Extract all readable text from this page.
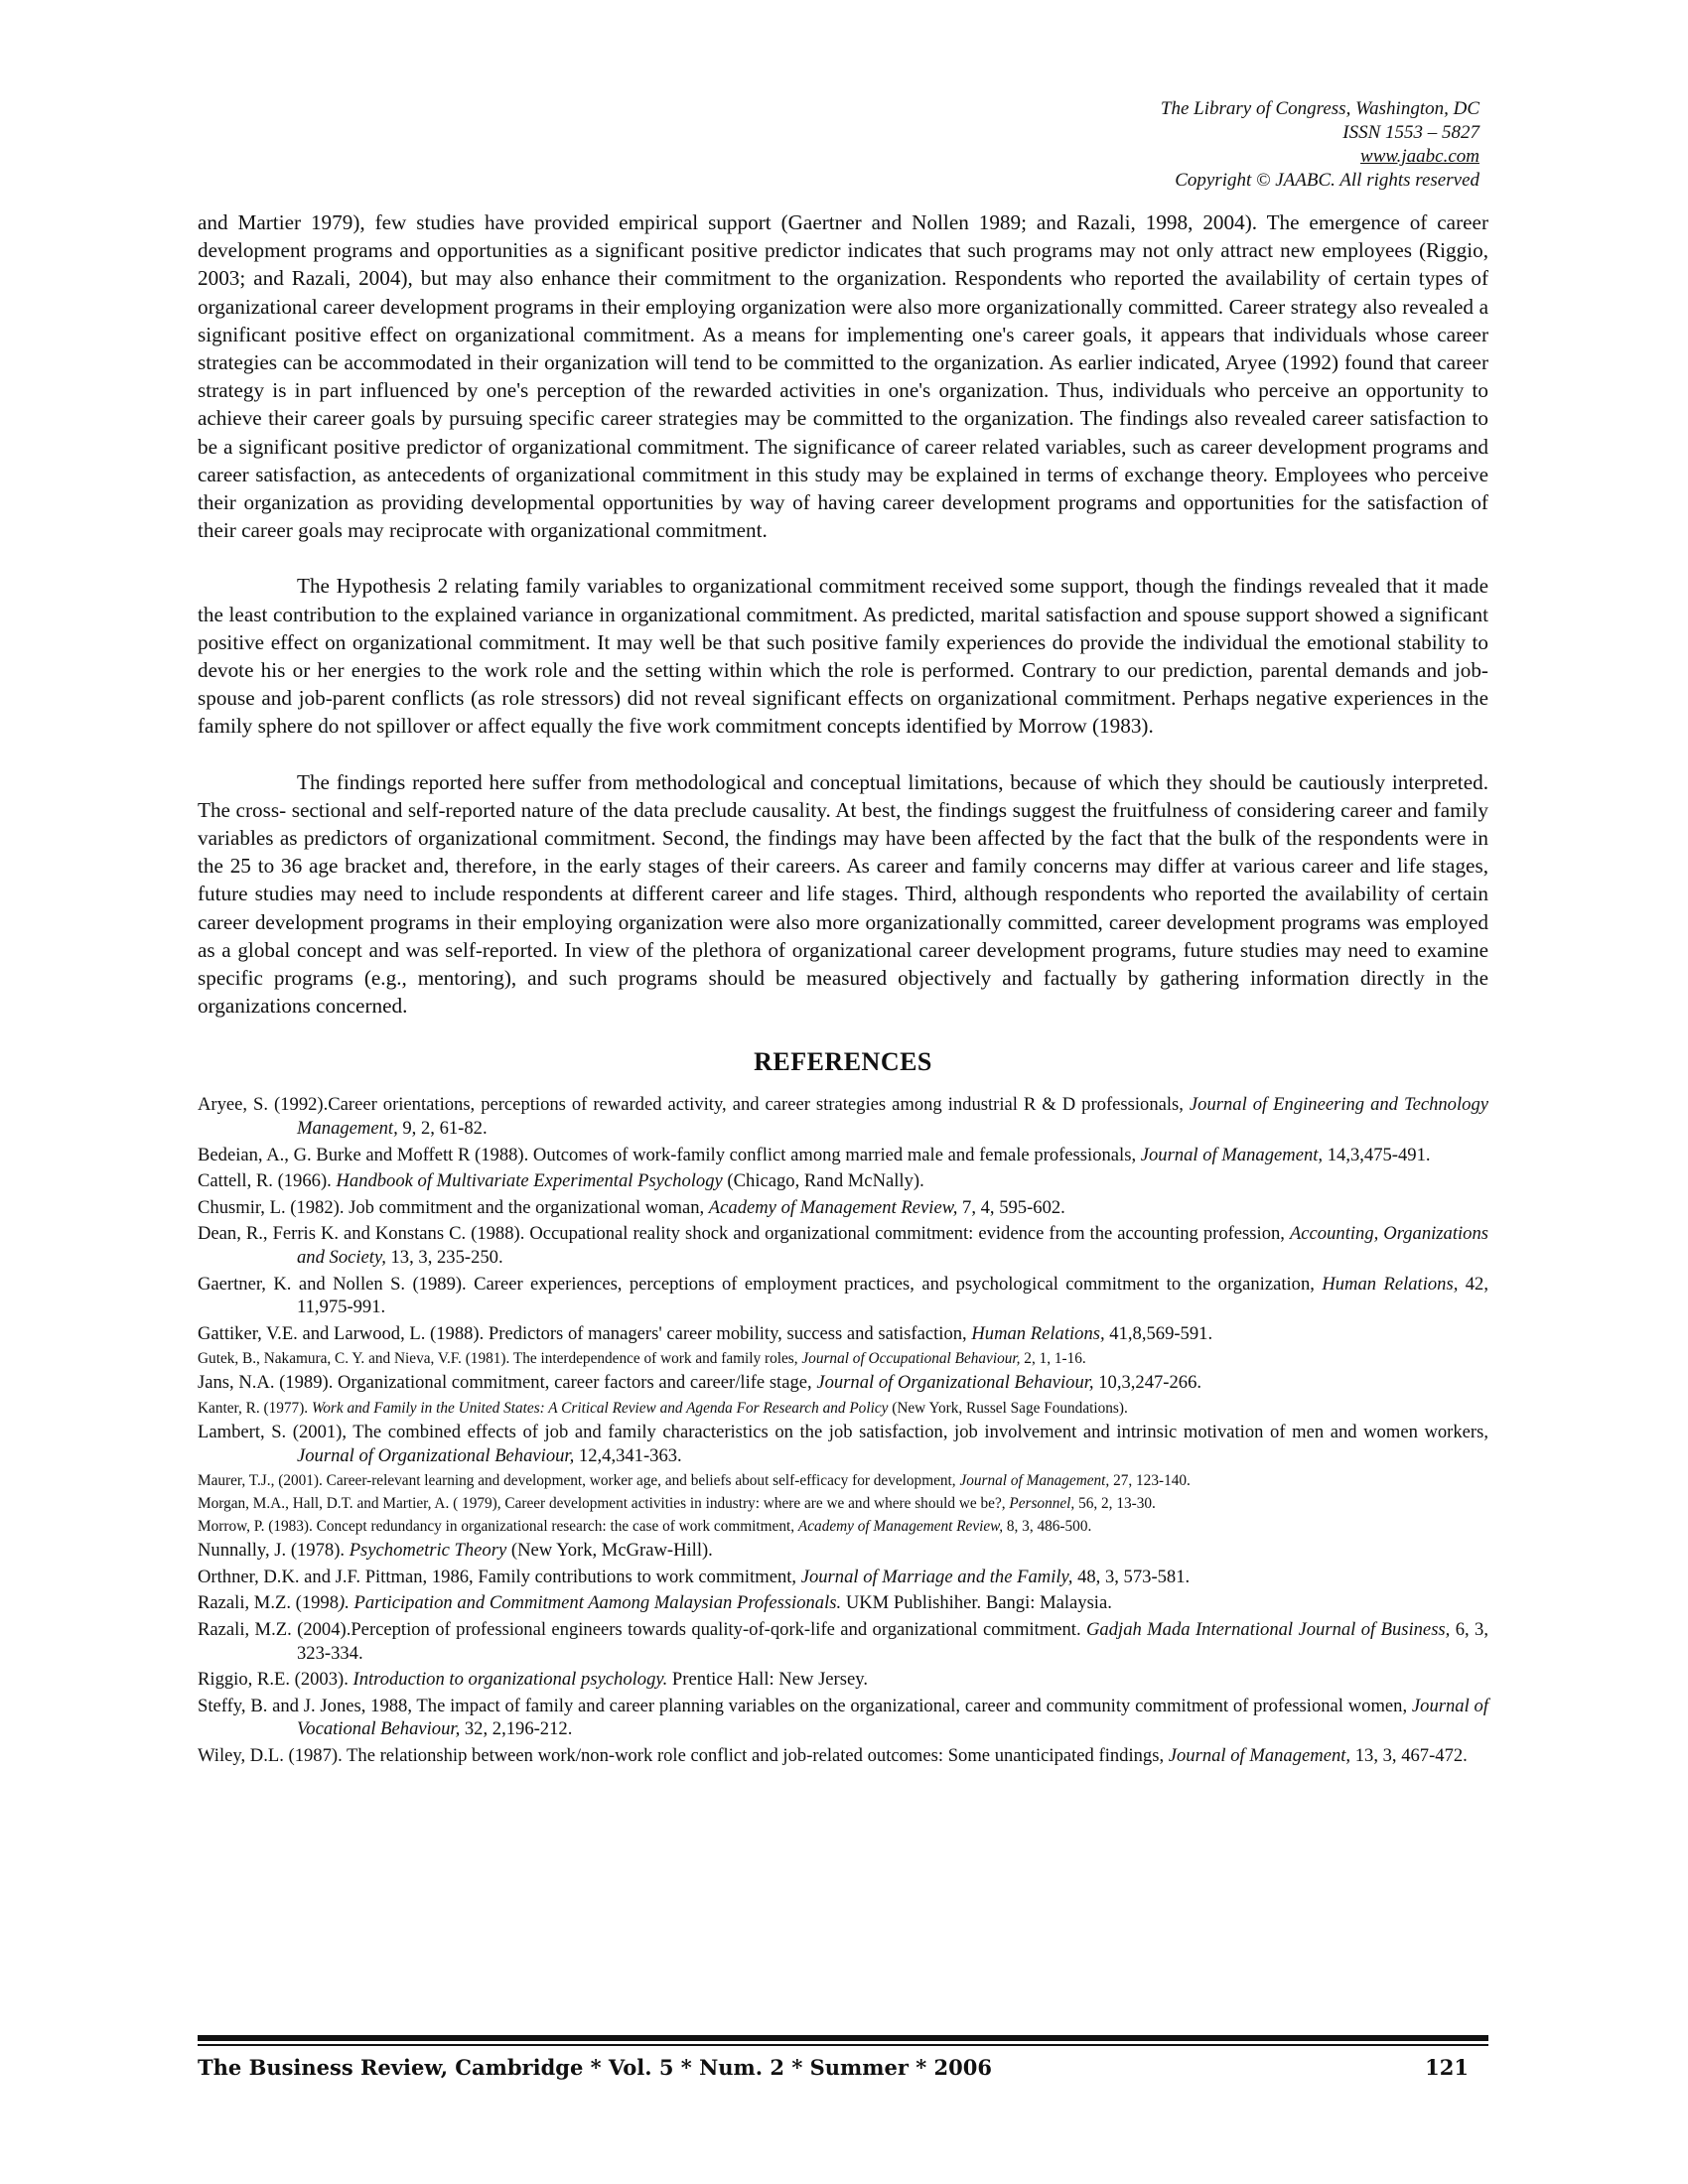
The Library of Congress, Washington, DC
ISSN 1553 – 5827
www.jaabc.com
Copyright © JAABC. All rights reserved

and Martier 1979), few studies have provided empirical support (Gaertner and Nollen 1989; and Razali, 1998, 2004). The emergence of career development programs and opportunities as a significant positive predictor indicates that such programs may not only attract new employees (Riggio, 2003; and Razali, 2004), but may also enhance their commitment to the organization. Respondents who reported the availability of certain types of organizational career development programs in their employing organization were also more organizationally committed. Career strategy also revealed a significant positive effect on organizational commitment. As a means for implementing one's career goals, it appears that individuals whose career strategies can be accommodated in their organization will tend to be committed to the organization. As earlier indicated, Aryee (1992) found that career strategy is in part influenced by one's perception of the rewarded activities in one's organization. Thus, individuals who perceive an opportunity to achieve their career goals by pursuing specific career strategies may be committed to the organization. The findings also revealed career satisfaction to be a significant positive predictor of organizational commitment. The significance of career related variables, such as career development programs and career satisfaction, as antecedents of organizational commitment in this study may be explained in terms of exchange theory. Employees who perceive their organization as providing developmental opportunities by way of having career development programs and opportunities for the satisfaction of their career goals may reciprocate with organizational commitment.

The Hypothesis 2 relating family variables to organizational commitment received some support, though the findings revealed that it made the least contribution to the explained variance in organizational commitment. As predicted, marital satisfaction and spouse support showed a significant positive effect on organizational commitment. It may well be that such positive family experiences do provide the individual the emotional stability to devote his or her energies to the work role and the setting within which the role is performed. Contrary to our prediction, parental demands and job-spouse and job-parent conflicts (as role stressors) did not reveal significant effects on organizational commitment. Perhaps negative experiences in the family sphere do not spillover or affect equally the five work commitment concepts identified by Morrow (1983).

The findings reported here suffer from methodological and conceptual limitations, because of which they should be cautiously interpreted. The cross- sectional and self-reported nature of the data preclude causality. At best, the findings suggest the fruitfulness of considering career and family variables as predictors of organizational commitment. Second, the findings may have been affected by the fact that the bulk of the respondents were in the 25 to 36 age bracket and, therefore, in the early stages of their careers. As career and family concerns may differ at various career and life stages, future studies may need to include respondents at different career and life stages. Third, although respondents who reported the availability of certain career development programs in their employing organization were also more organizationally committed, career development programs was employed as a global concept and was self-reported. In view of the plethora of organizational career development programs, future studies may need to examine specific programs (e.g., mentoring), and such programs should be measured objectively and factually by gathering information directly in the organizations concerned.

REFERENCES
Aryee, S. (1992).Career orientations, perceptions of rewarded activity, and career strategies among industrial R & D professionals, Journal of Engineering and Technology Management, 9, 2, 61-82.
Bedeian, A., G. Burke and Moffett R (1988). Outcomes of work-family conflict among married male and female professionals, Journal of Management, 14,3,475-491.
Cattell, R. (1966). Handbook of Multivariate Experimental Psychology (Chicago, Rand McNally).
Chusmir, L. (1982). Job commitment and the organizational woman, Academy of Management Review, 7, 4, 595-602.
Dean, R., Ferris K. and Konstans C. (1988). Occupational reality shock and organizational commitment: evidence from the accounting profession, Accounting, Organizations and Society, 13, 3, 235-250.
Gaertner, K. and Nollen S. (1989). Career experiences, perceptions of employment practices, and psychological commitment to the organization, Human Relations, 42, 11,975-991.
Gattiker, V.E. and Larwood, L. (1988). Predictors of managers' career mobility, success and satisfaction, Human Relations, 41,8,569-591.
Gutek, B., Nakamura, C. Y. and Nieva, V.F. (1981). The interdependence of work and family roles, Journal of Occupational Behaviour, 2, 1, 1-16.
Jans, N.A. (1989). Organizational commitment, career factors and career/life stage, Journal of Organizational Behaviour, 10,3,247-266.
Kanter, R. (1977). Work and Family in the United States: A Critical Review and Agenda For Research and Policy (New York, Russel Sage Foundations).
Lambert, S. (2001), The combined effects of job and family characteristics on the job satisfaction, job involvement and intrinsic motivation of men and women workers, Journal of Organizational Behaviour, 12,4,341-363.
Maurer, T.J., (2001). Career-relevant learning and development, worker age, and beliefs about self-efficacy for development, Journal of Management, 27, 123-140.
Morgan, M.A., Hall, D.T. and Martier, A. ( 1979), Career development activities in industry: where are we and where should we be?, Personnel, 56, 2, 13-30.
Morrow, P. (1983). Concept redundancy in organizational research: the case of work commitment, Academy of Management Review, 8, 3, 486-500.
Nunnally, J. (1978). Psychometric Theory (New York, McGraw-Hill).
Orthner, D.K. and J.F. Pittman, 1986, Family contributions to work commitment, Journal of Marriage and the Family, 48, 3, 573-581.
Razali, M.Z. (1998). Participation and Commitment Aamong Malaysian Professionals. UKM Publishiher. Bangi: Malaysia.
Razali, M.Z. (2004).Perception of professional engineers towards quality-of-qork-life and organizational commitment. Gadjah Mada International Journal of Business, 6, 3, 323-334.
Riggio, R.E. (2003). Introduction to organizational psychology. Prentice Hall: New Jersey.
Steffy, B. and J. Jones, 1988, The impact of family and career planning variables on the organizational, career and community commitment of professional women, Journal of Vocational Behaviour, 32, 2,196-212.
Wiley, D.L. (1987). The relationship between work/non-work role conflict and job-related outcomes: Some unanticipated findings, Journal of Management, 13, 3, 467-472.
The Business Review, Cambridge * Vol. 5 * Num. 2 * Summer * 2006	121
